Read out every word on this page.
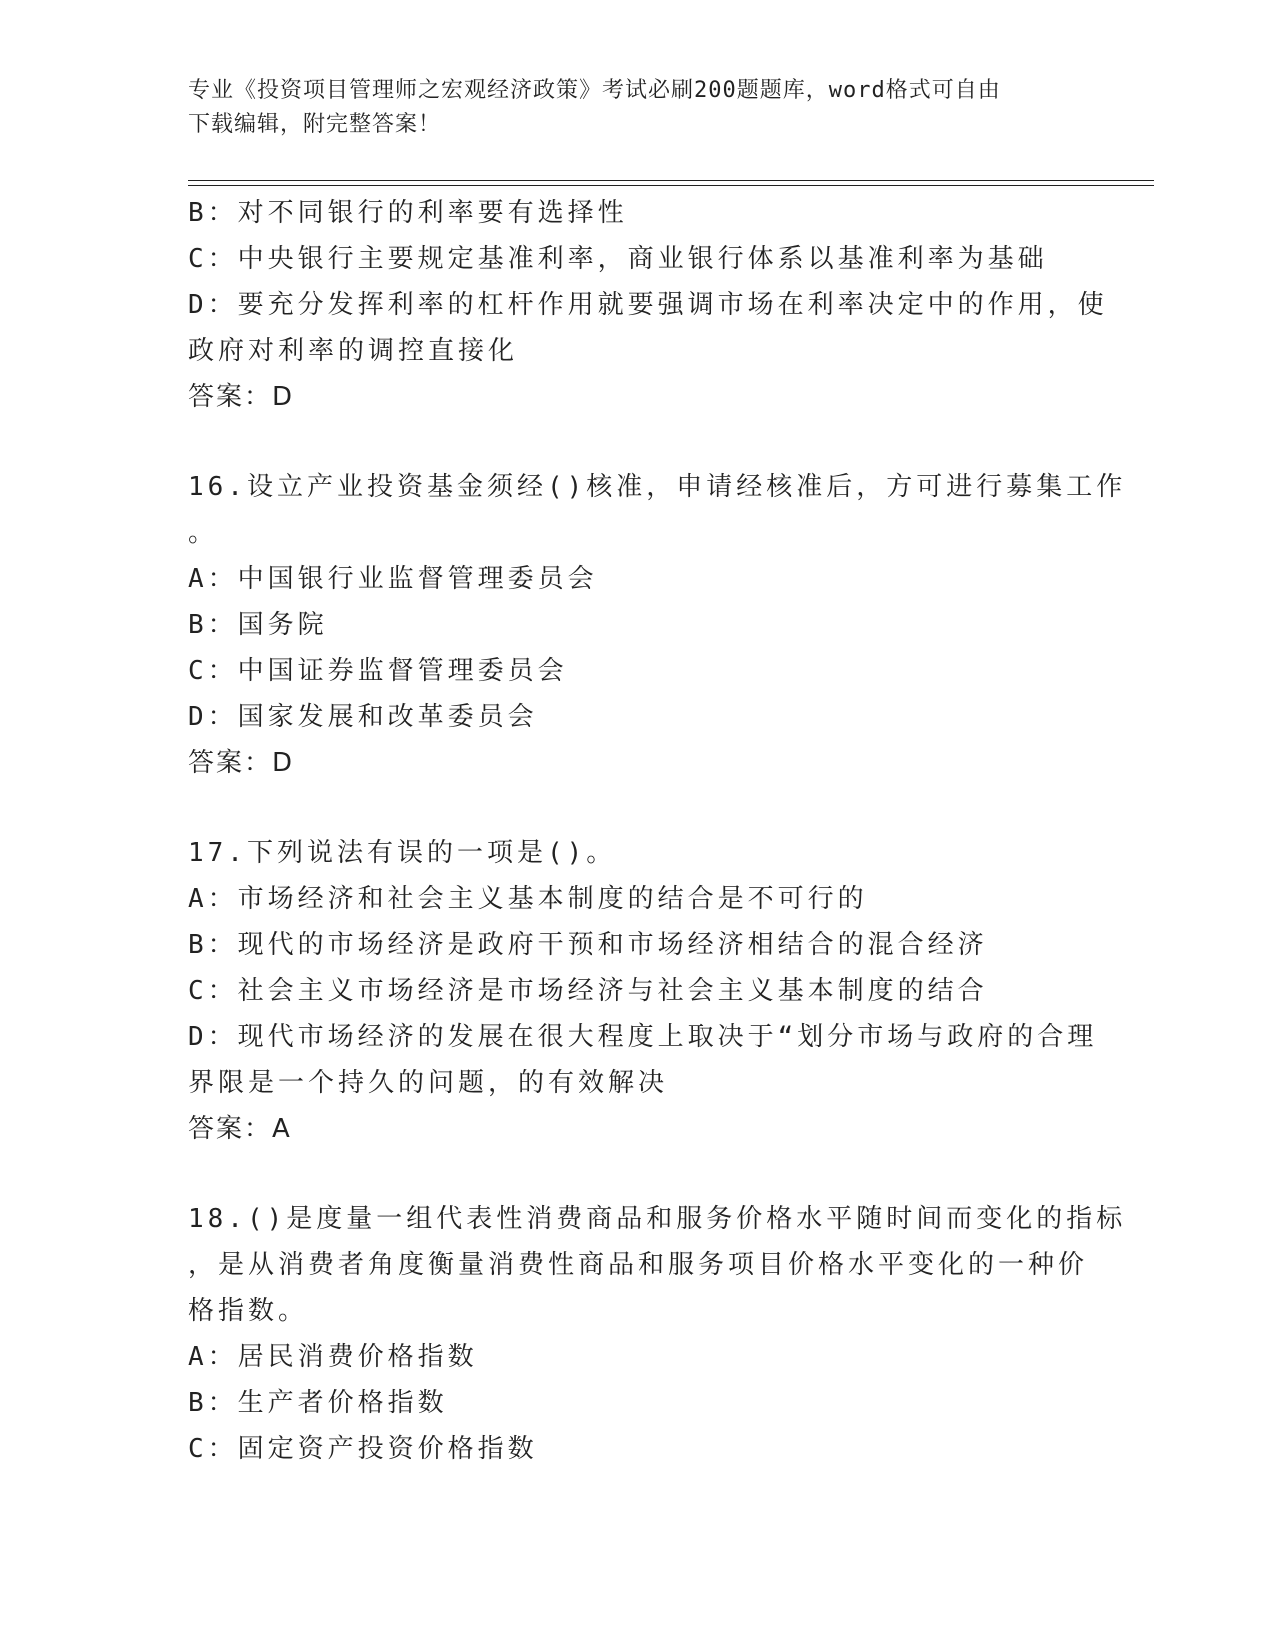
专业《投资项目管理师之宏观经济政策》考试必刷200题题库，word格式可自由
下载编辑，附完整答案！
B：对不同银行的利率要有选择性
C：中央银行主要规定基准利率，商业银行体系以基准利率为基础
D：要充分发挥利率的杠杆作用就要强调市场在利率决定中的作用，使
政府对利率的调控直接化
答案：D
16.设立产业投资基金须经()核准，申请经核准后，方可进行募集工作
。
A：中国银行业监督管理委员会
B：国务院
C：中国证券监督管理委员会
D：国家发展和改革委员会
答案：D
17.下列说法有误的一项是()。
A：市场经济和社会主义基本制度的结合是不可行的
B：现代的市场经济是政府干预和市场经济相结合的混合经济
C：社会主义市场经济是市场经济与社会主义基本制度的结合
D：现代市场经济的发展在很大程度上取决于“划分市场与政府的合理
界限是一个持久的问题，的有效解决
答案：A
18.()是度量一组代表性消费商品和服务价格水平随时间而变化的指标
，是从消费者角度衡量消费性商品和服务项目价格水平变化的一种价
格指数。
A：居民消费价格指数
B：生产者价格指数
C：固定资产投资价格指数
